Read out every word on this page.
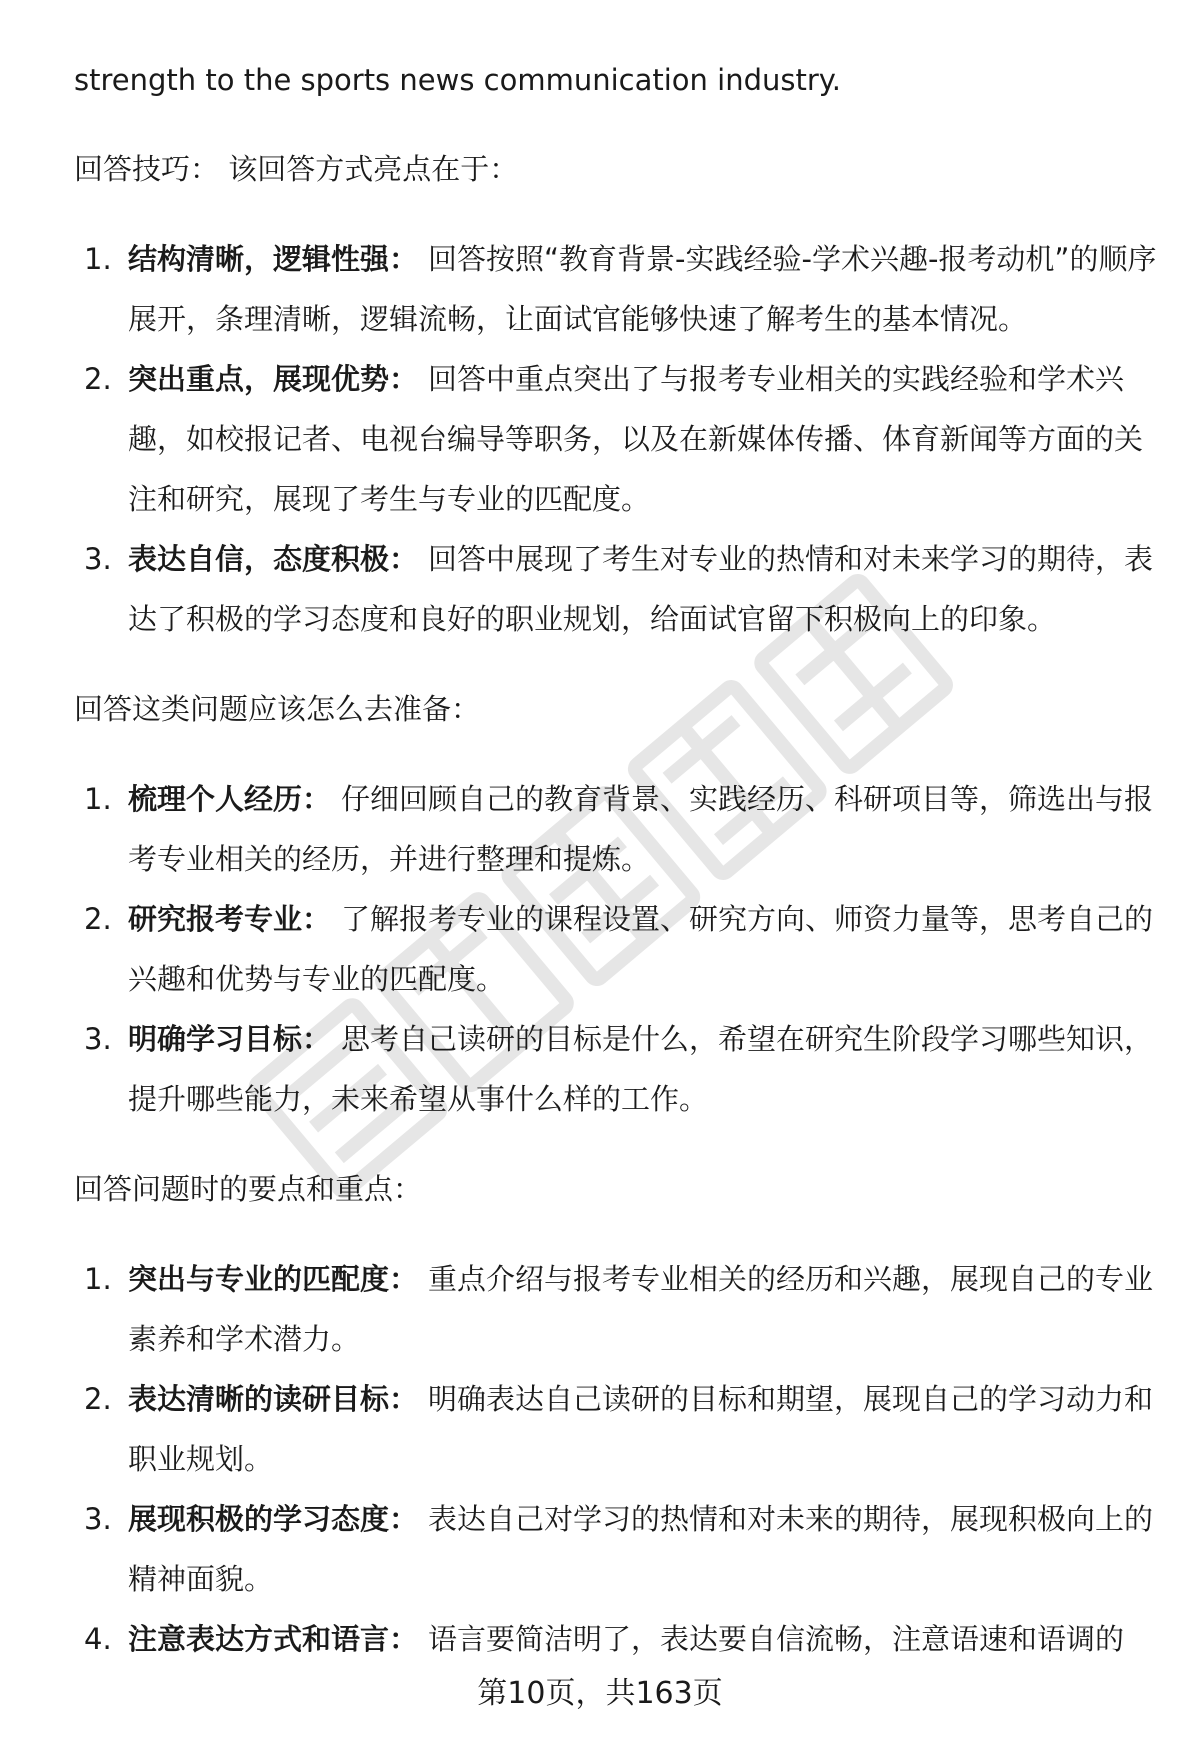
strength to the sports news communication industry.

回答技巧： 该回答方式亮点在于：

1. 结构清晰，逻辑性强： 回答按照“教育背景-实践经验-学术兴趣-报考动机”的顺序展开，条理清晰，逻辑流畅，让面试官能够快速了解考生的基本情况。
2. 突出重点，展现优势： 回答中重点突出了与报考专业相关的实践经验和学术兴趣，如校报记者、电视台编导等职务，以及在新媒体传播、体育新闻等方面的关注和研究，展现了考生与专业的匹配度。
3. 表达自信，态度积极： 回答中展现了考生对专业的热情和对未来学习的期待，表达了积极的学习态度和良好的职业规划，给面试官留下积极向上的印象。

回答这类问题应该怎么去准备：

1. 梳理个人经历： 仔细回顾自己的教育背景、实践经历、科研项目等，筛选出与报考专业相关的经历，并进行整理和提炼。
2. 研究报考专业： 了解报考专业的课程设置、研究方向、师资力量等，思考自己的兴趣和优势与专业的匹配度。
3. 明确学习目标： 思考自己读研的目标是什么，希望在研究生阶段学习哪些知识，提升哪些能力，未来希望从事什么样的工作。

回答问题时的要点和重点：

1. 突出与专业的匹配度： 重点介绍与报考专业相关的经历和兴趣，展现自己的专业素养和学术潜力。
2. 表达清晰的读研目标： 明确表达自己读研的目标和期望，展现自己的学习动力和职业规划。
3. 展现积极的学习态度： 表达自己对学习的热情和对未来的期待，展现积极向上的精神面貌。
4. 注意表达方式和语言： 语言要简洁明了，表达要自信流畅，注意语速和语调的
第10页，共163页
